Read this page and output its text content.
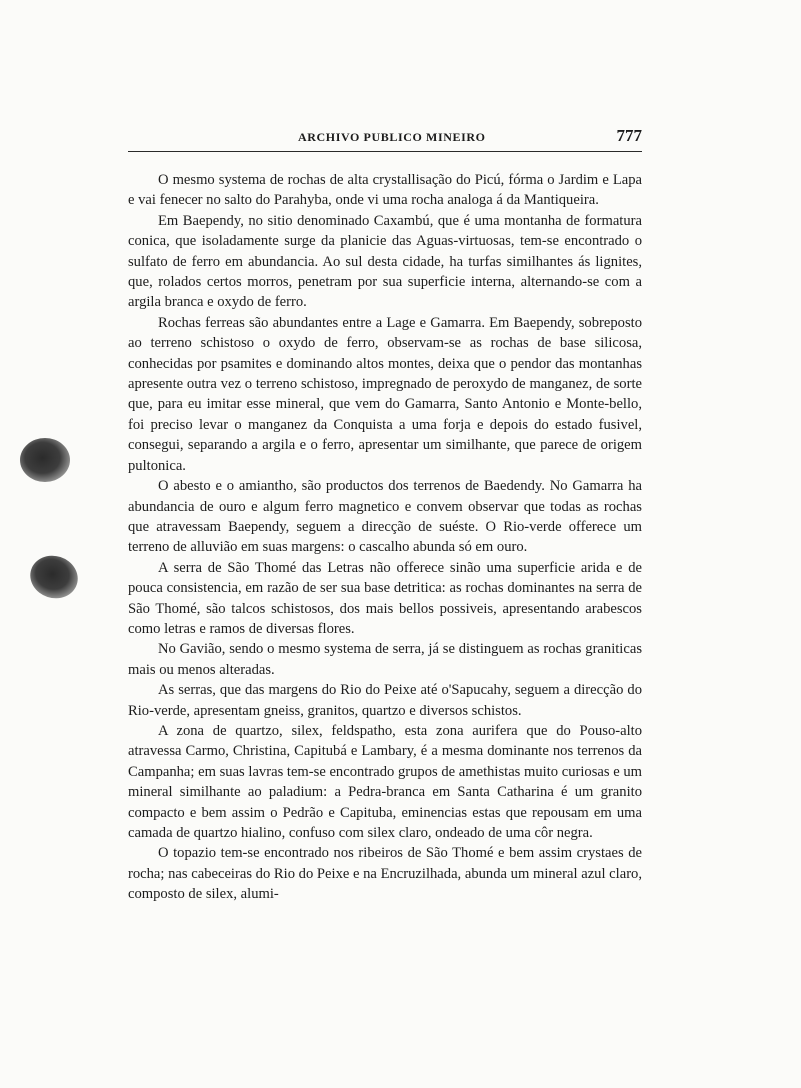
ARCHIVO PUBLICO MINEIRO	777

O mesmo systema de rochas de alta crystallisação do Picú, fórma o Jardim e Lapa e vai fenecer no salto do Parahyba, onde vi uma rocha analoga á da Mantiqueira.

Em Baependy, no sitio denominado Caxambú, que é uma montanha de formatura conica, que isoladamente surge da planicie das Aguas-virtuosas, tem-se encontrado o sulfato de ferro em abundancia. Ao sul desta cidade, ha turfas similhantes ás lignites, que, rolados certos morros, penetram por sua superficie interna, alternando-se com a argila branca e oxydo de ferro.

Rochas ferreas são abundantes entre a Lage e Gamarra. Em Baependy, sobreposto ao terreno schistoso o oxydo de ferro, observam-se as rochas de base silicosa, conhecidas por psamites e dominando altos montes, deixa que o pendor das montanhas apresente outra vez o terreno schistoso, impregnado de peroxydo de manganez, de sorte que, para eu imitar esse mineral, que vem do Gamarra, Santo Antonio e Monte-bello, foi preciso levar o manganez da Conquista a uma forja e depois do estado fusivel, consegui, separando a argila e o ferro, apresentar um similhante, que parece de origem pultonica.

O abesto e o amiantho, são productos dos terrenos de Baedendy. No Gamarra ha abundancia de ouro e algum ferro magnetico e convem observar que todas as rochas que atravessam Baependy, seguem a direcção de suéste. O Rio-verde offerece um terreno de alluvião em suas margens: o cascalho abunda só em ouro.

A serra de São Thomé das Letras não offerece sinão uma superficie arida e de pouca consistencia, em razão de ser sua base detritica: as rochas dominantes na serra de São Thomé, são talcos schistosos, dos mais bellos possiveis, apresentando arabescos como letras e ramos de diversas flores.

No Gavião, sendo o mesmo systema de serra, já se distinguem as rochas graniticas mais ou menos alteradas.

As serras, que das margens do Rio do Peixe até o'Sapucahy, seguem a direcção do Rio-verde, apresentam gneiss, granitos, quartzo e diversos schistos.

A zona de quartzo, silex, feldspatho, esta zona aurifera que do Pouso-alto atravessa Carmo, Christina, Capitubá e Lambary, é a mesma dominante nos terrenos da Campanha; em suas lavras tem-se encontrado grupos de amethistas muito curiosas e um mineral similhante ao paladium: a Pedra-branca em Santa Catharina é um granito compacto e bem assim o Pedrão e Capituba, eminencias estas que repousam em uma camada de quartzo hialino, confuso com silex claro, ondeado de uma côr negra.

O topazio tem-se encontrado nos ribeiros de São Thomé e bem assim crystaes de rocha; nas cabeceiras do Rio do Peixe e na Encruzilhada, abunda um mineral azul claro, composto de silex, alumi-
